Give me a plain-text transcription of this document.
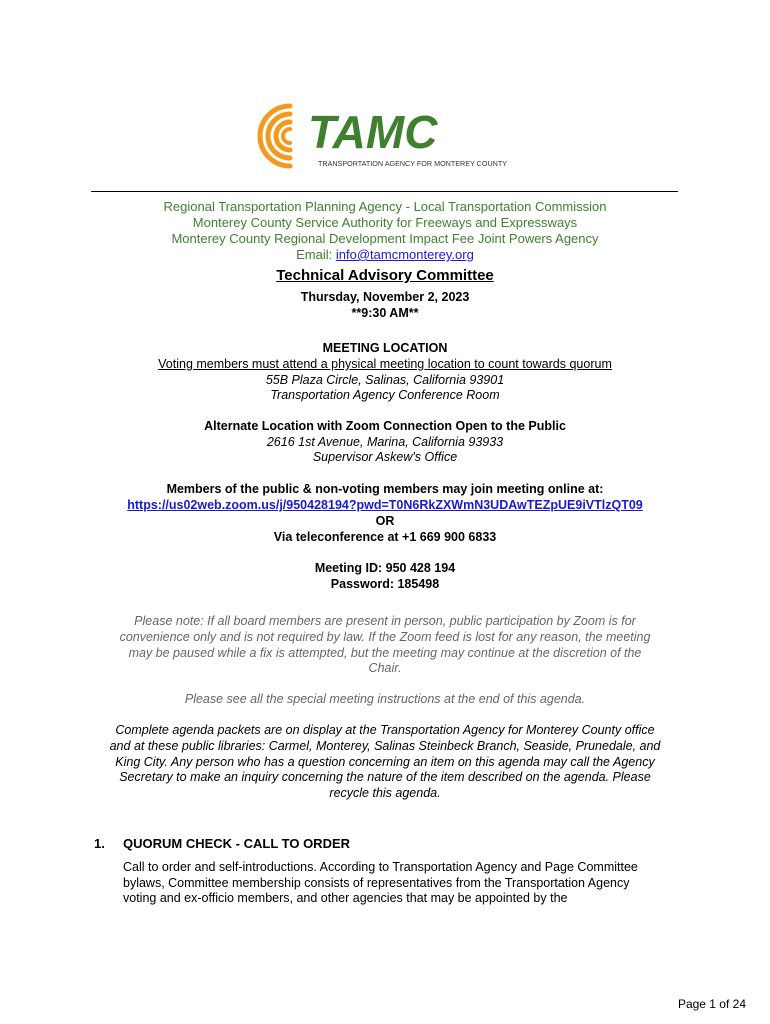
TAMC
TRANSPORTATION AGENCY FOR MONTEREY COUNTY
Regional Transportation Planning Agency - Local Transportation Commission
Monterey County Service Authority for Freeways and Expressways
Monterey County Regional Development Impact Fee Joint Powers Agency
Email: info@tamcmonterey.org
Technical Advisory Committee
Thursday, November 2, 2023
**9:30 AM**
MEETING LOCATION
Voting members must attend a physical meeting location to count towards quorum
55B Plaza Circle, Salinas, California 93901
Transportation Agency Conference Room
Alternate Location with Zoom Connection Open to the Public
2616 1st Avenue, Marina, California 93933
Supervisor Askew's Office
Members of the public & non-voting members may join meeting online at:
https://us02web.zoom.us/j/950428194?pwd=T0N6RkZXWmN3UDAwTEZpUE9iVTlzQT09
OR
Via teleconference at +1 669 900 6833
Meeting ID: 950 428 194
Password: 185498
Please note: If all board members are present in person, public participation by Zoom is for
convenience only and is not required by law. If the Zoom feed is lost for any reason, the meeting
may be paused while a fix is attempted, but the meeting may continue at the discretion of the
Chair.
Please see all the special meeting instructions at the end of this agenda.
Complete agenda packets are on display at the Transportation Agency for Monterey County office
and at these public libraries: Carmel, Monterey, Salinas Steinbeck Branch, Seaside, Prunedale, and
King City. Any person who has a question concerning an item on this agenda may call the Agency
Secretary to make an inquiry concerning the nature of the item described on the agenda. Please
recycle this agenda.
1. QUORUM CHECK - CALL TO ORDER
Call to order and self-introductions. According to Transportation Agency and Page Committee
bylaws, Committee membership consists of representatives from the Transportation Agency
voting and ex-officio members, and other agencies that may be appointed by the
Page 1 of 24
